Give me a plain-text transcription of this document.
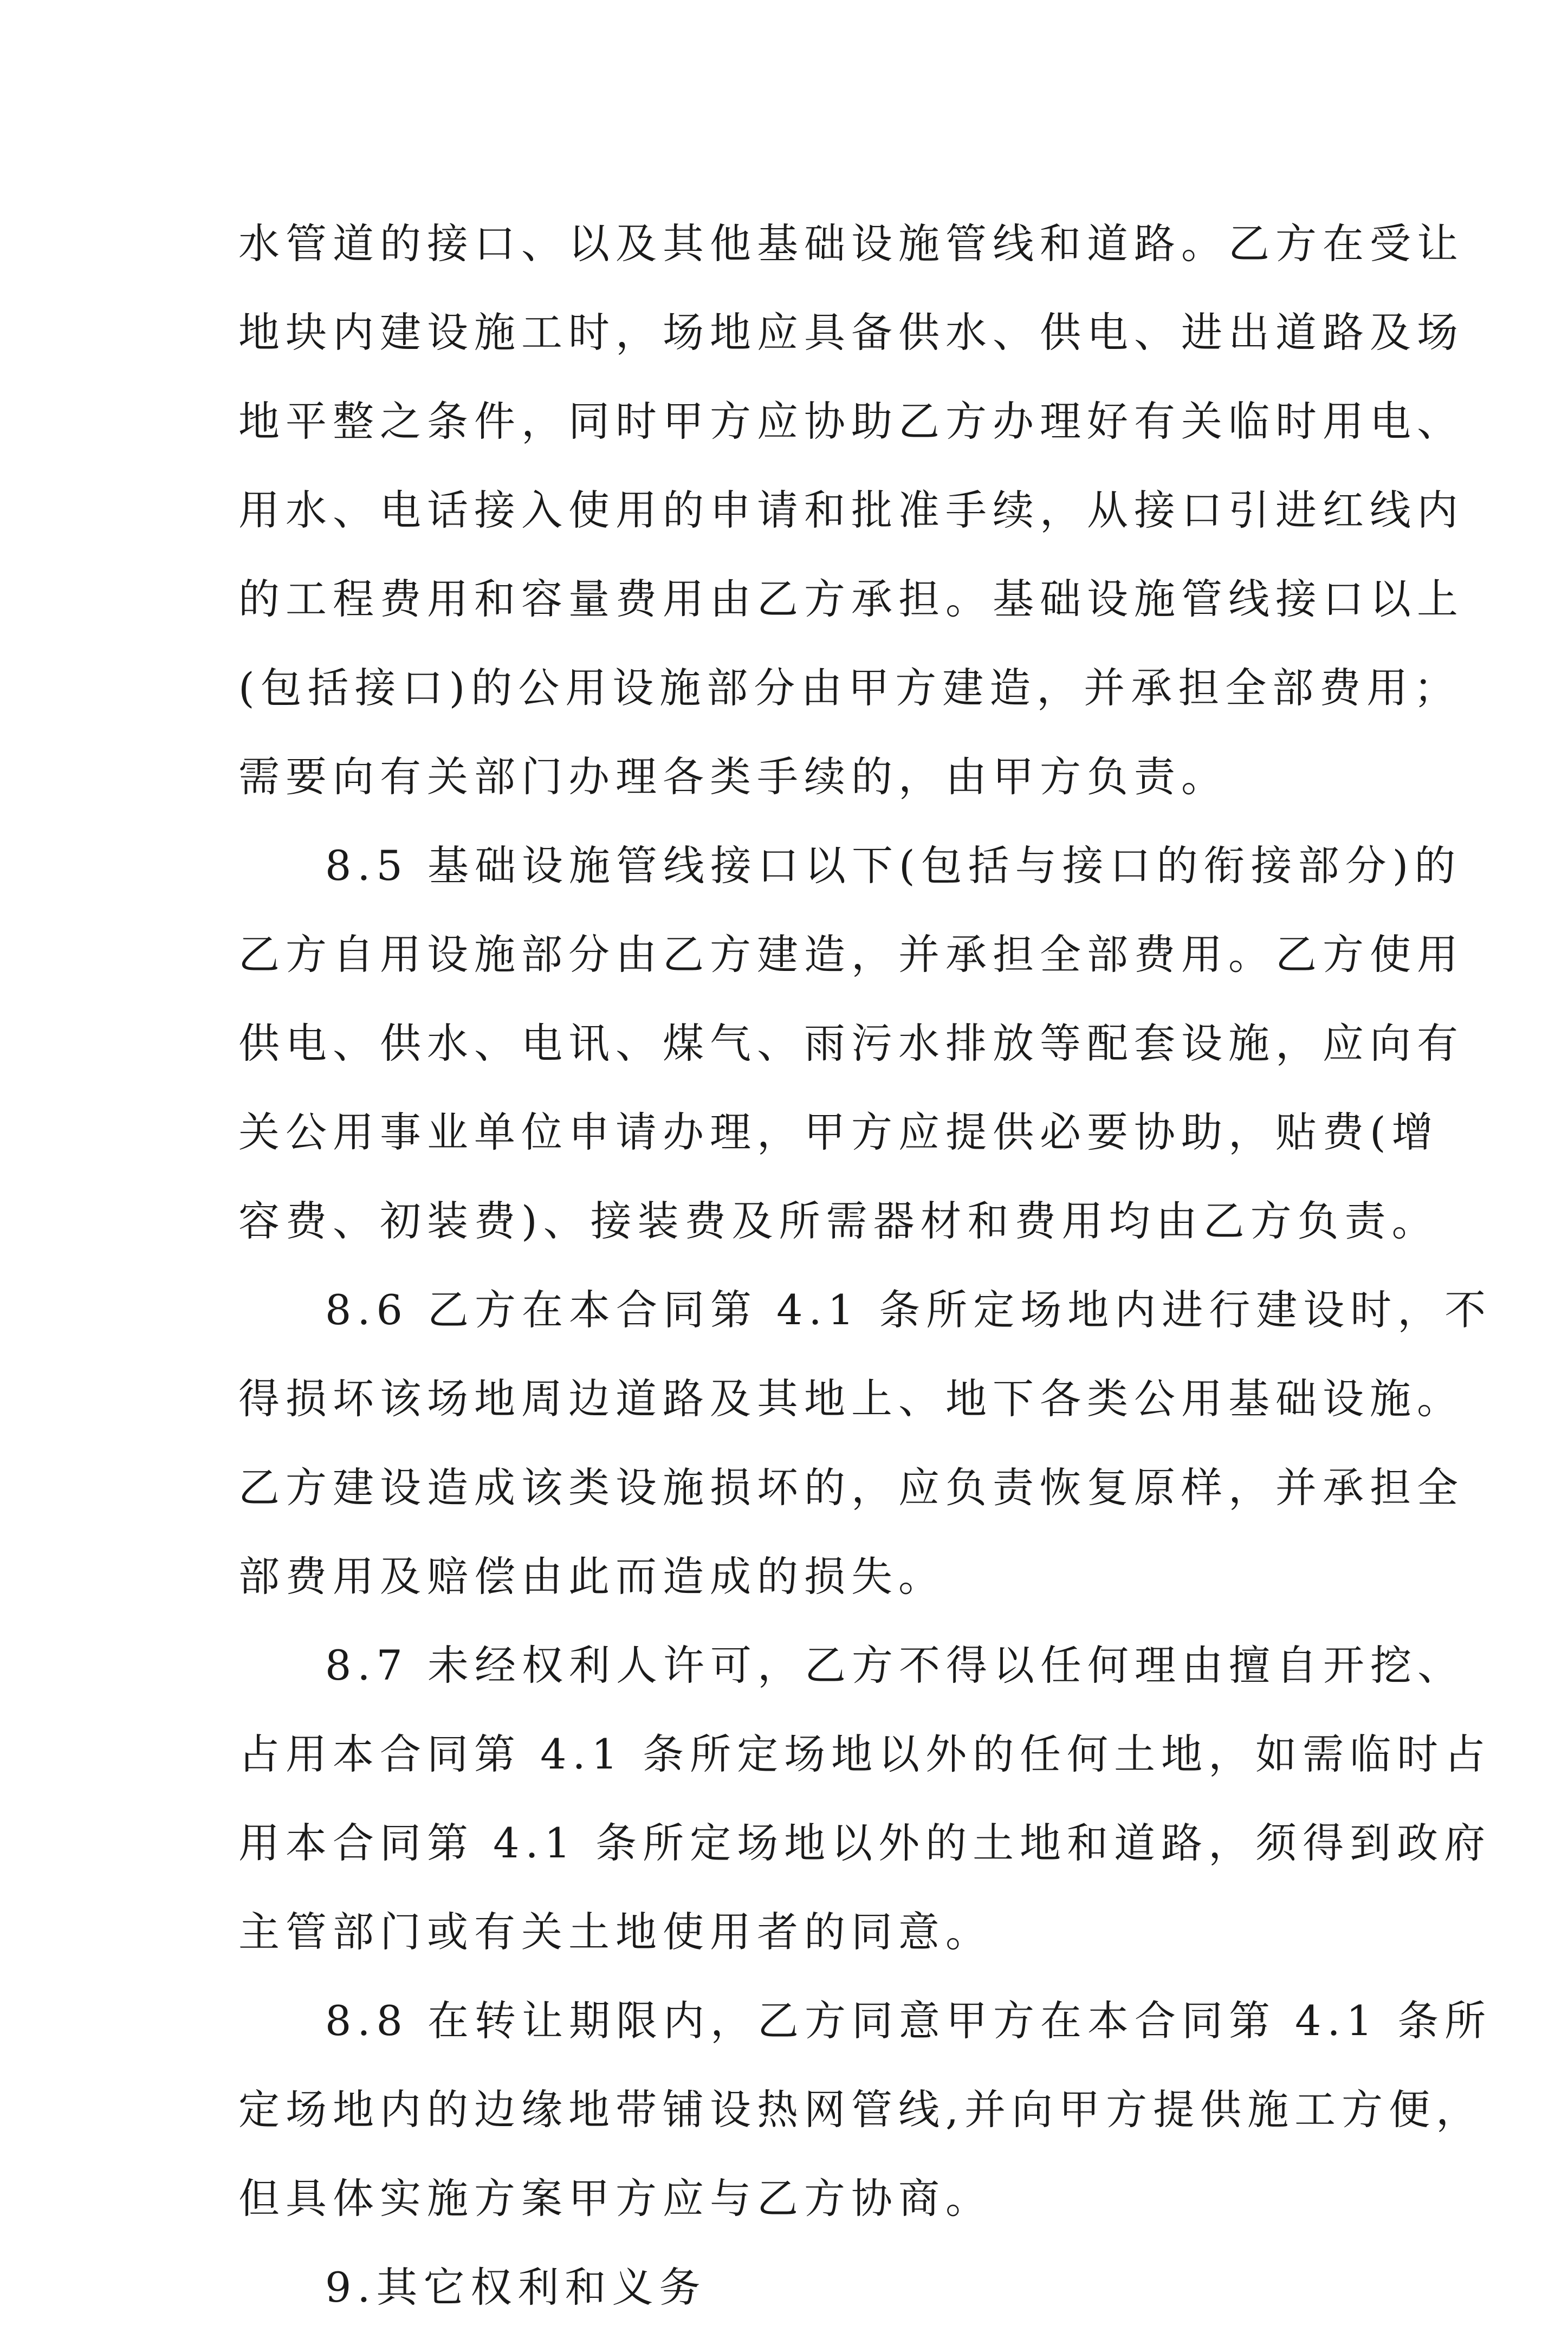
水管道的接口、以及其他基础设施管线和道路。乙方在受让
地块内建设施工时，场地应具备供水、供电、进出道路及场
地平整之条件，同时甲方应协助乙方办理好有关临时用电、
用水、电话接入使用的申请和批准手续，从接口引进红线内
的工程费用和容量费用由乙方承担。基础设施管线接口以上
(包括接口)的公用设施部分由甲方建造，并承担全部费用；
需要向有关部门办理各类手续的，由甲方负责。
8.5 基础设施管线接口以下(包括与接口的衔接部分)的
乙方自用设施部分由乙方建造，并承担全部费用。乙方使用
供电、供水、电讯、煤气、雨污水排放等配套设施，应向有
关公用事业单位申请办理，甲方应提供必要协助，贴费(增
容费、初装费)、接装费及所需器材和费用均由乙方负责。
8.6 乙方在本合同第 4.1 条所定场地内进行建设时，不
得损坏该场地周边道路及其地上、地下各类公用基础设施。
乙方建设造成该类设施损坏的，应负责恢复原样，并承担全
部费用及赔偿由此而造成的损失。
8.7 未经权利人许可，乙方不得以任何理由擅自开挖、
占用本合同第 4.1 条所定场地以外的任何土地，如需临时占
用本合同第 4.1 条所定场地以外的土地和道路，须得到政府
主管部门或有关土地使用者的同意。
8.8 在转让期限内，乙方同意甲方在本合同第 4.1 条所
定场地内的边缘地带铺设热网管线,并向甲方提供施工方便，
但具体实施方案甲方应与乙方协商。
9.其它权利和义务
